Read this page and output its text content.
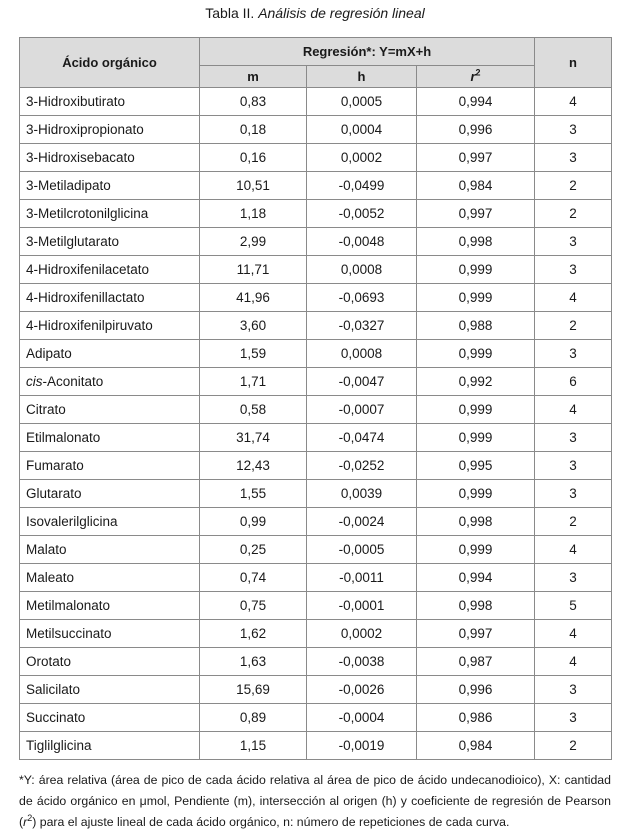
Tabla II. Análisis de regresión lineal
Ácido orgánico	Regresión*: Y=mX+h			n
	m	h	$r^2$
3-Hidroxibutirato	0,83	0,0005	0,994	4
3-Hidroxipropionato	0,18	0,0004	0,996	3
3-Hidroxisebacato	0,16	0,0002	0,997	3
3-Metiladipato	10,51	-0,0499	0,984	2
3-Metilcrotonilglicina	1,18	-0,0052	0,997	2
3-Metilglutarato	2,99	-0,0048	0,998	3
4-Hidroxifenilacetato	11,71	0,0008	0,999	3
4-Hidroxifenillactato	41,96	-0,0693	0,999	4
4-Hidroxifenilpiruvato	3,60	-0,0327	0,988	2
Adipato	1,59	0,0008	0,999	3
cis-Aconitato	1,71	-0,0047	0,992	6
Citrato	0,58	-0,0007	0,999	4
Etilmalonato	31,74	-0,0474	0,999	3
Fumarato	12,43	-0,0252	0,995	3
Glutarato	1,55	0,0039	0,999	3
Isovalerilglicina	0,99	-0,0024	0,998	2
Malato	0,25	-0,0005	0,999	4
Maleato	0,74	-0,0011	0,994	3
Metilmalonato	0,75	-0,0001	0,998	5
Metilsuccinato	1,62	0,0002	0,997	4
Orotato	1,63	-0,0038	0,987	4
Salicilato	15,69	-0,0026	0,996	3
Succinato	0,89	-0,0004	0,986	3
Tiglilglicina	1,15	-0,0019	0,984	2
*Y: área relativa (área de pico de cada ácido relativa al área de pico de ácido undecanodioico), X: cantidad de ácido orgánico en μmol, Pendiente (m), intersección al origen (h) y coeficiente de regresión de Pearson $(r^2)$ para el ajuste lineal de cada ácido orgánico, n: número de repeticiones de cada curva.
